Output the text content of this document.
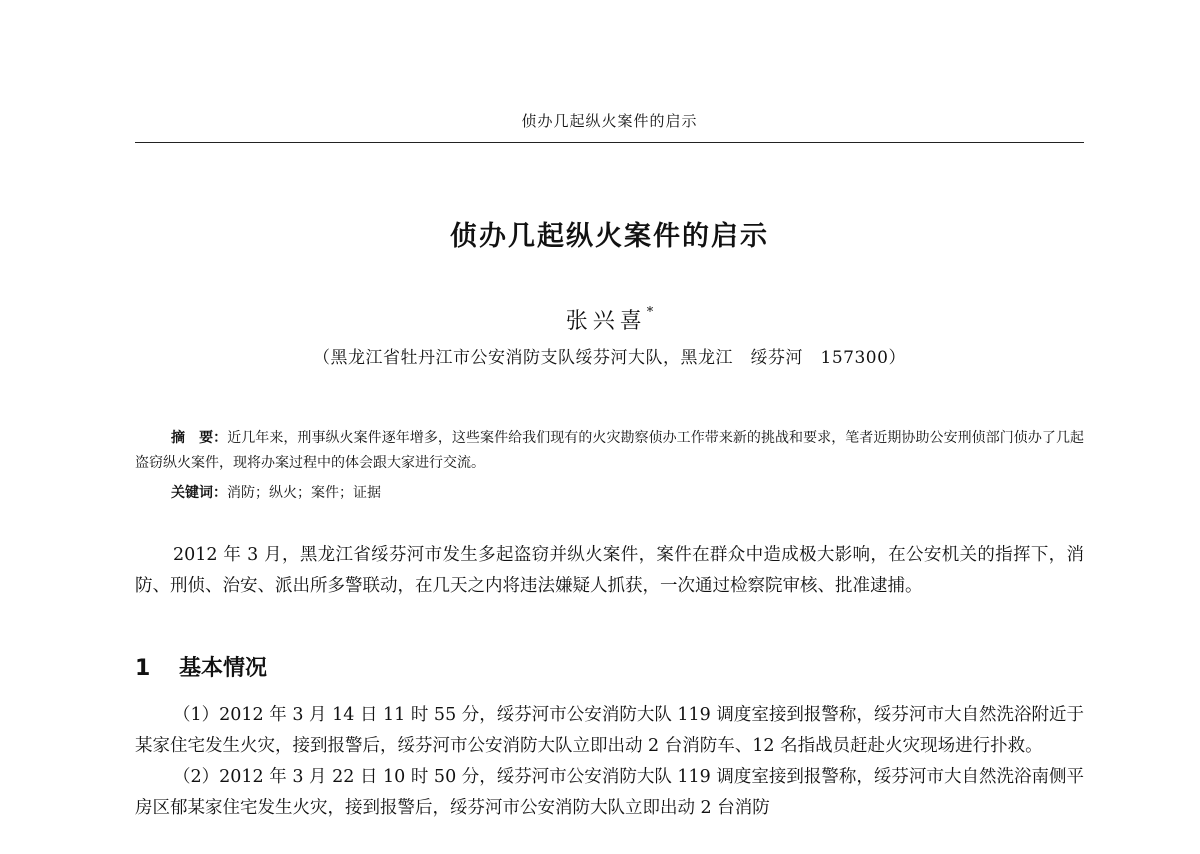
侦办几起纵火案件的启示
侦办几起纵火案件的启示
张兴喜*
（黑龙江省牡丹江市公安消防支队绥芬河大队，黑龙江　绥芬河　157300）

摘　要：近几年来，刑事纵火案件逐年增多，这些案件给我们现有的火灾勘察侦办工作带来新的挑战和要求，笔者近期协助公安刑侦部门侦办了几起盗窃纵火案件，现将办案过程中的体会跟大家进行交流。

关键词：消防；纵火；案件；证据

2012 年 3 月，黑龙江省绥芬河市发生多起盗窃并纵火案件，案件在群众中造成极大影响，在公安机关的指挥下，消防、刑侦、治安、派出所多警联动，在几天之内将违法嫌疑人抓获，一次通过检察院审核、批准逮捕。

1 基本情况

（1）2012 年 3 月 14 日 11 时 55 分，绥芬河市公安消防大队 119 调度室接到报警称，绥芬河市大自然洗浴附近于某家住宅发生火灾，接到报警后，绥芬河市公安消防大队立即出动 2 台消防车、12 名指战员赶赴火灾现场进行扑救。

（2）2012 年 3 月 22 日 10 时 50 分，绥芬河市公安消防大队 119 调度室接到报警称，绥芬河市大自然洗浴南侧平房区郁某家住宅发生火灾，接到报警后，绥芬河市公安消防大队立即出动 2 台消防
